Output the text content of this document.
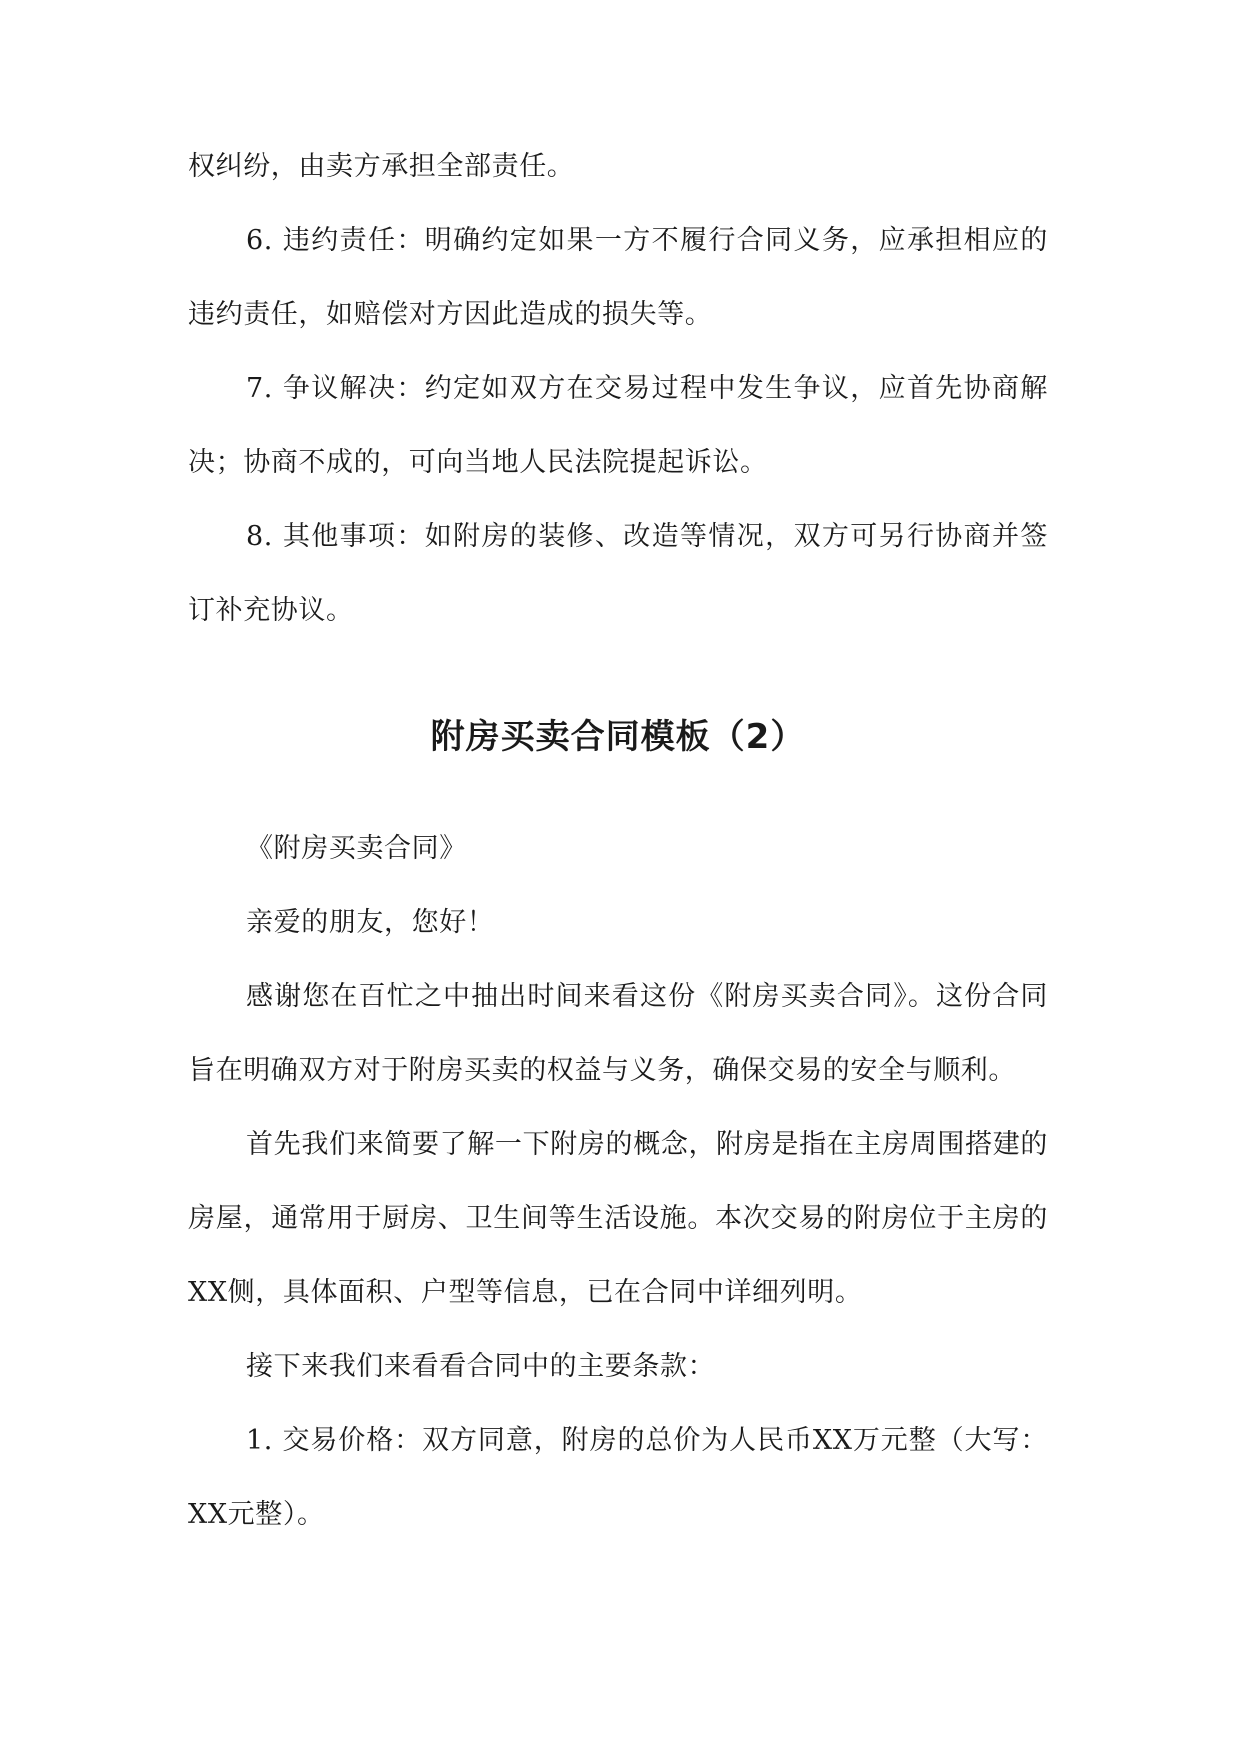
权纠纷，由卖方承担全部责任。

6. 违约责任：明确约定如果一方不履行合同义务，应承担相应的违约责任，如赔偿对方因此造成的损失等。

7. 争议解决：约定如双方在交易过程中发生争议，应首先协商解决；协商不成的，可向当地人民法院提起诉讼。

8. 其他事项：如附房的装修、改造等情况，双方可另行协商并签订补充协议。

附房买卖合同模板（2）

《附房买卖合同》

亲爱的朋友，您好！

感谢您在百忙之中抽出时间来看这份《附房买卖合同》。这份合同旨在明确双方对于附房买卖的权益与义务，确保交易的安全与顺利。

首先我们来简要了解一下附房的概念，附房是指在主房周围搭建的房屋，通常用于厨房、卫生间等生活设施。本次交易的附房位于主房的XX侧，具体面积、户型等信息，已在合同中详细列明。

接下来我们来看看合同中的主要条款：

1. 交易价格：双方同意，附房的总价为人民币XX万元整（大写：XX元整）。
